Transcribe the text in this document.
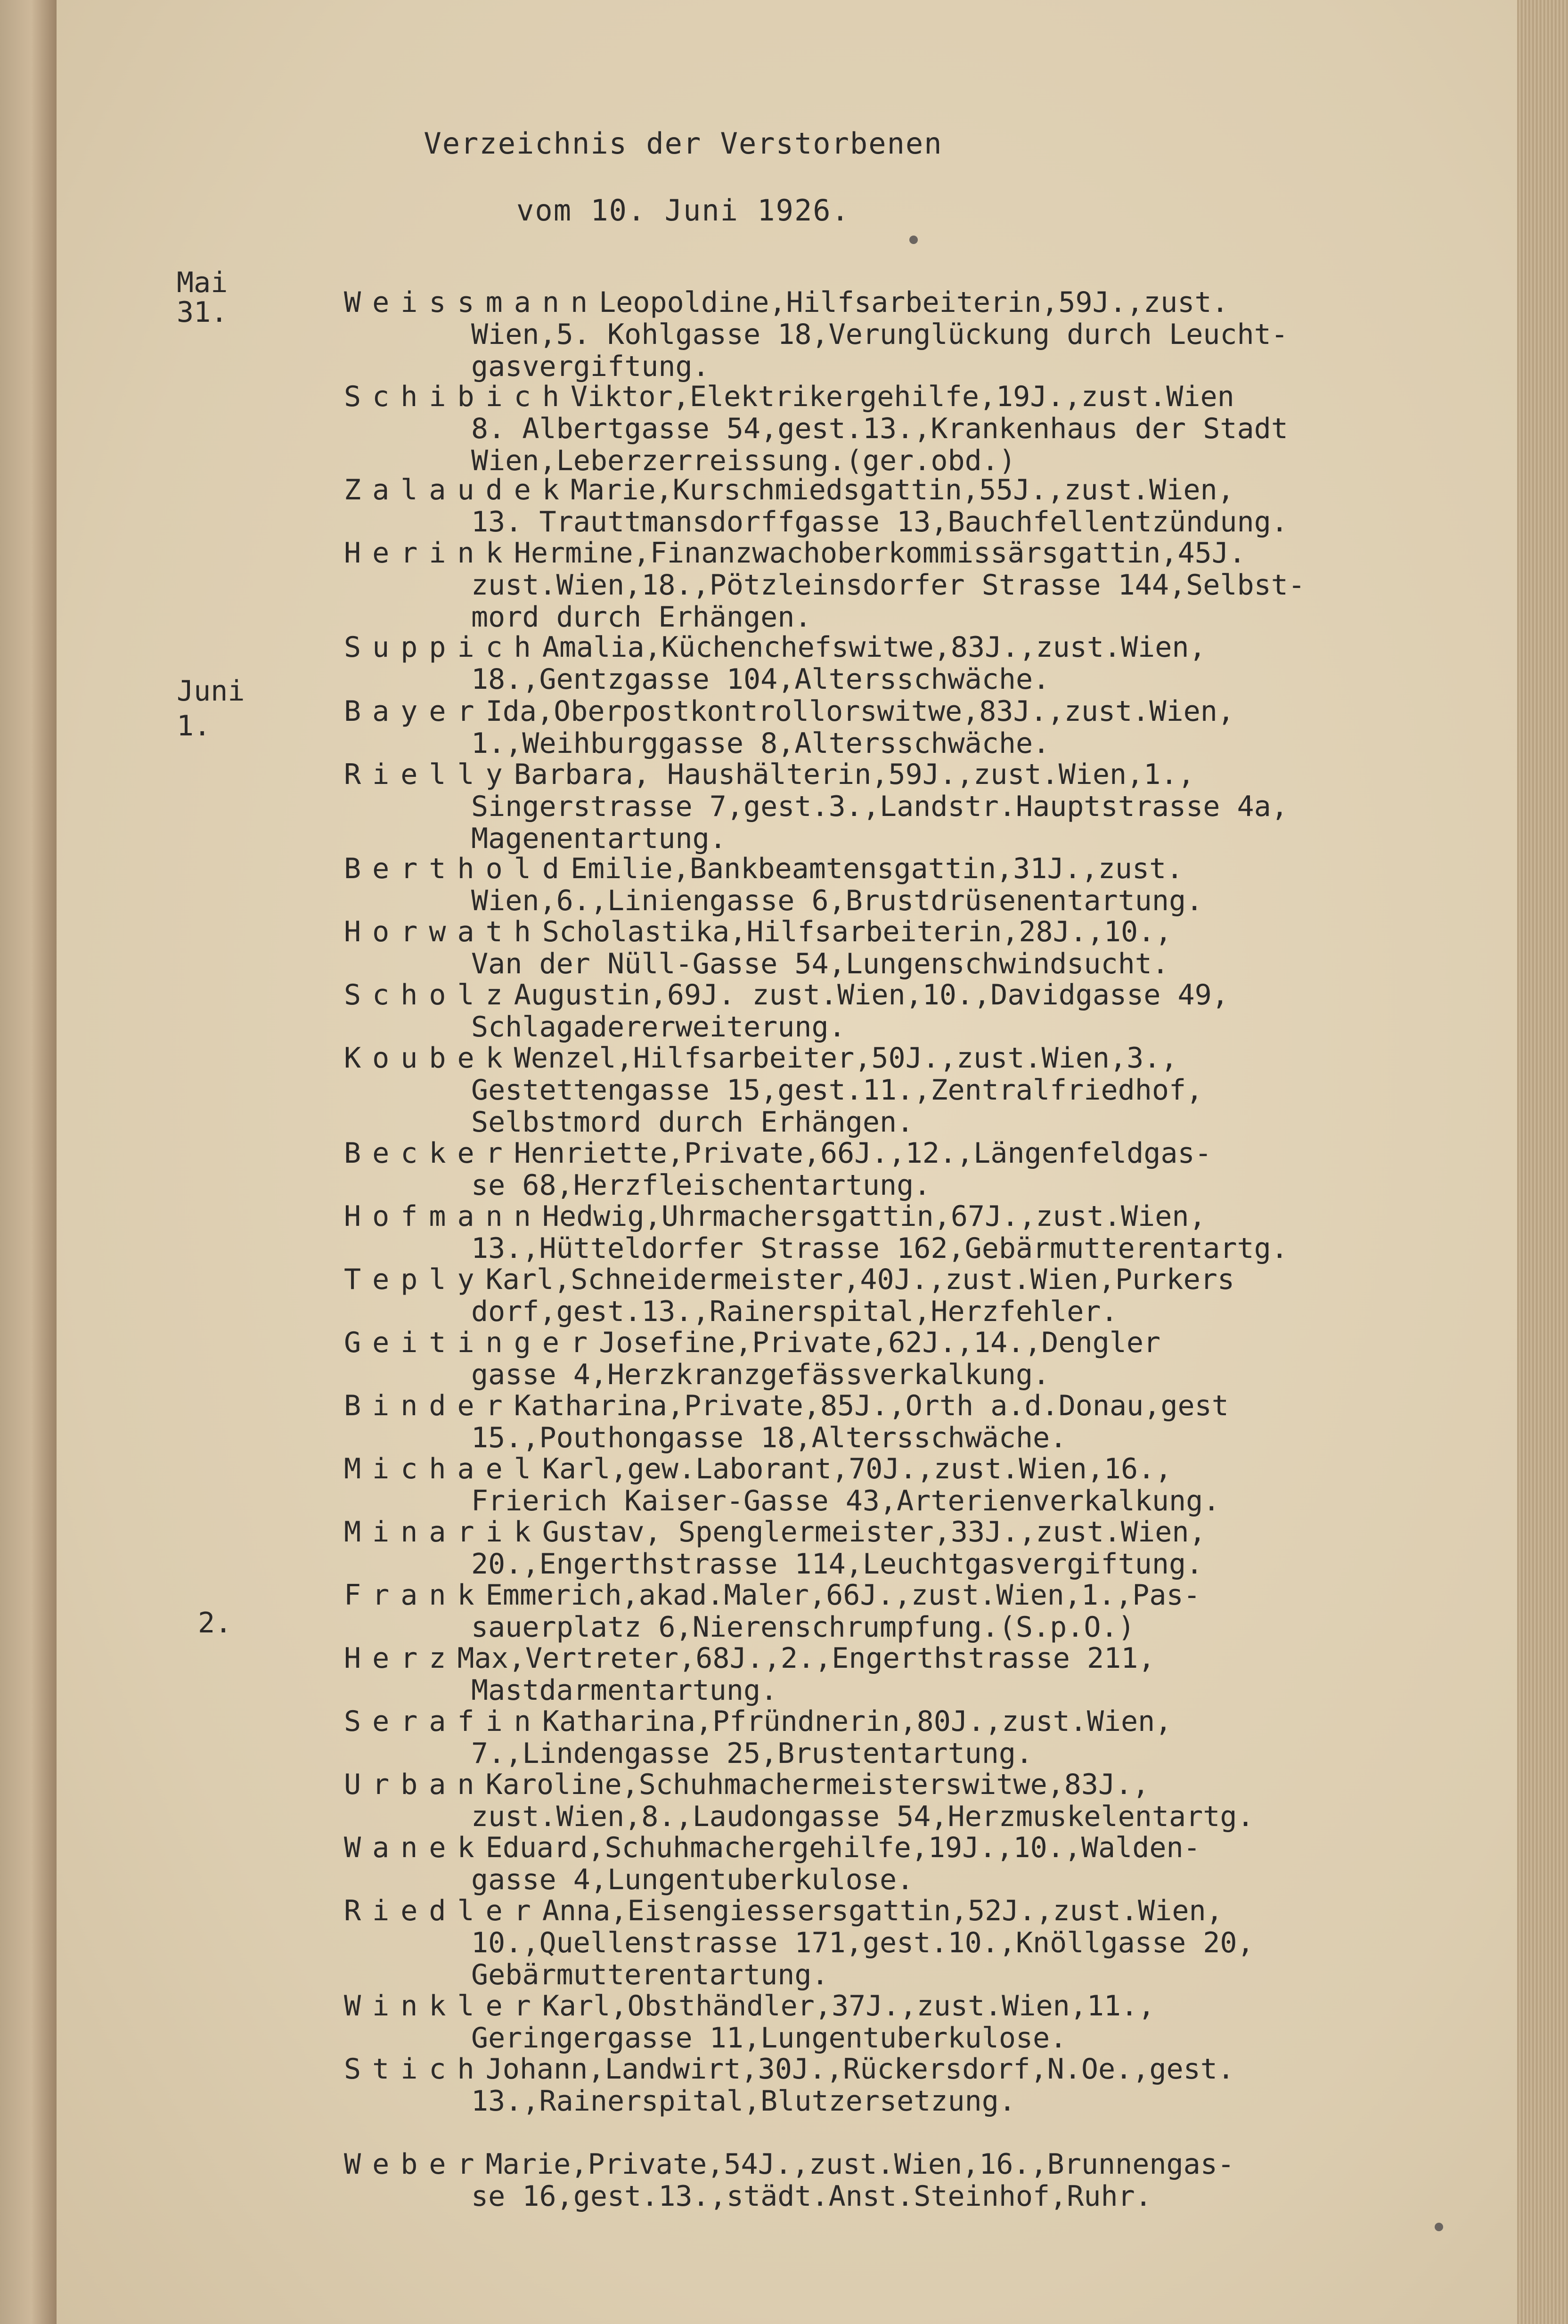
Verzeichnis der Verstorbenen
vom 10. Juni 1926.
Mai
31.
Juni
1.
2.
WeissmannLeopoldine,Hilfsarbeiterin,59J.,zust.
Wien,5. Kohlgasse 18,Verunglückung durch Leucht-
gasvergiftung.
SchibichViktor,Elektrikergehilfe,19J.,zust.Wien
8. Albertgasse 54,gest.13.,Krankenhaus der Stadt
Wien,Leberzerreissung.(ger.obd.)
ZalaudekMarie,Kurschmiedsgattin,55J.,zust.Wien,
13. Trauttmansdorffgasse 13,Bauchfellentzündung.
HerinkHermine,Finanzwachoberkommissärsgattin,45J.
zust.Wien,18.,Pötzleinsdorfer Strasse 144,Selbst-
mord durch Erhängen.
SuppichAmalia,Küchenchefswitwe,83J.,zust.Wien,
18.,Gentzgasse 104,Altersschwäche.
BayerIda,Oberpostkontrollorswitwe,83J.,zust.Wien,
1.,Weihburggasse 8,Altersschwäche.
RiellyBarbara, Haushälterin,59J.,zust.Wien,1.,
Singerstrasse 7,gest.3.,Landstr.Hauptstrasse 4a,
Magenentartung.
BertholdEmilie,Bankbeamtensgattin,31J.,zust.
Wien,6.,Liniengasse 6,Brustdrüsenentartung.
HorwathScholastika,Hilfsarbeiterin,28J.,10.,
Van der Nüll-Gasse 54,Lungenschwindsucht.
ScholzAugustin,69J. zust.Wien,10.,Davidgasse 49,
Schlagadererweiterung.
KoubekWenzel,Hilfsarbeiter,50J.,zust.Wien,3.,
Gestettengasse 15,gest.11.,Zentralfriedhof,
Selbstmord durch Erhängen.
BeckerHenriette,Private,66J.,12.,Längenfeldgas-
se 68,Herzfleischentartung.
HofmannHedwig,Uhrmachersgattin,67J.,zust.Wien,
13.,Hütteldorfer Strasse 162,Gebärmutterentartg.
TeplyKarl,Schneidermeister,40J.,zust.Wien,Purkers
dorf,gest.13.,Rainerspital,Herzfehler.
GeitingerJosefine,Private,62J.,14.,Dengler
gasse 4,Herzkranzgefässverkalkung.
BinderKatharina,Private,85J.,Orth a.d.Donau,gest
15.,Pouthongasse 18,Altersschwäche.
MichaelKarl,gew.Laborant,70J.,zust.Wien,16.,
Frierich Kaiser-Gasse 43,Arterienverkalkung.
MinarikGustav, Spenglermeister,33J.,zust.Wien,
20.,Engerthstrasse 114,Leuchtgasvergiftung.
FrankEmmerich,akad.Maler,66J.,zust.Wien,1.,Pas-
sauerplatz 6,Nierenschrumpfung.(S.p.O.)
HerzMax,Vertreter,68J.,2.,Engerthstrasse 211,
Mastdarmentartung.
SerafinKatharina,Pfründnerin,80J.,zust.Wien,
7.,Lindengasse 25,Brustentartung.
UrbanKaroline,Schuhmachermeisterswitwe,83J.,
zust.Wien,8.,Laudongasse 54,Herzmuskelentartg.
WanekEduard,Schuhmachergehilfe,19J.,10.,Walden-
gasse 4,Lungentuberkulose.
RiedlerAnna,Eisengiessersgattin,52J.,zust.Wien,
10.,Quellenstrasse 171,gest.10.,Knöllgasse 20,
Gebärmutterentartung.
WinklerKarl,Obsthändler,37J.,zust.Wien,11.,
Geringergasse 11,Lungentuberkulose.
StichJohann,Landwirt,30J.,Rückersdorf,N.Oe.,gest.
13.,Rainerspital,Blutzersetzung.
WeberMarie,Private,54J.,zust.Wien,16.,Brunnengas-
se 16,gest.13.,städt.Anst.Steinhof,Ruhr.
